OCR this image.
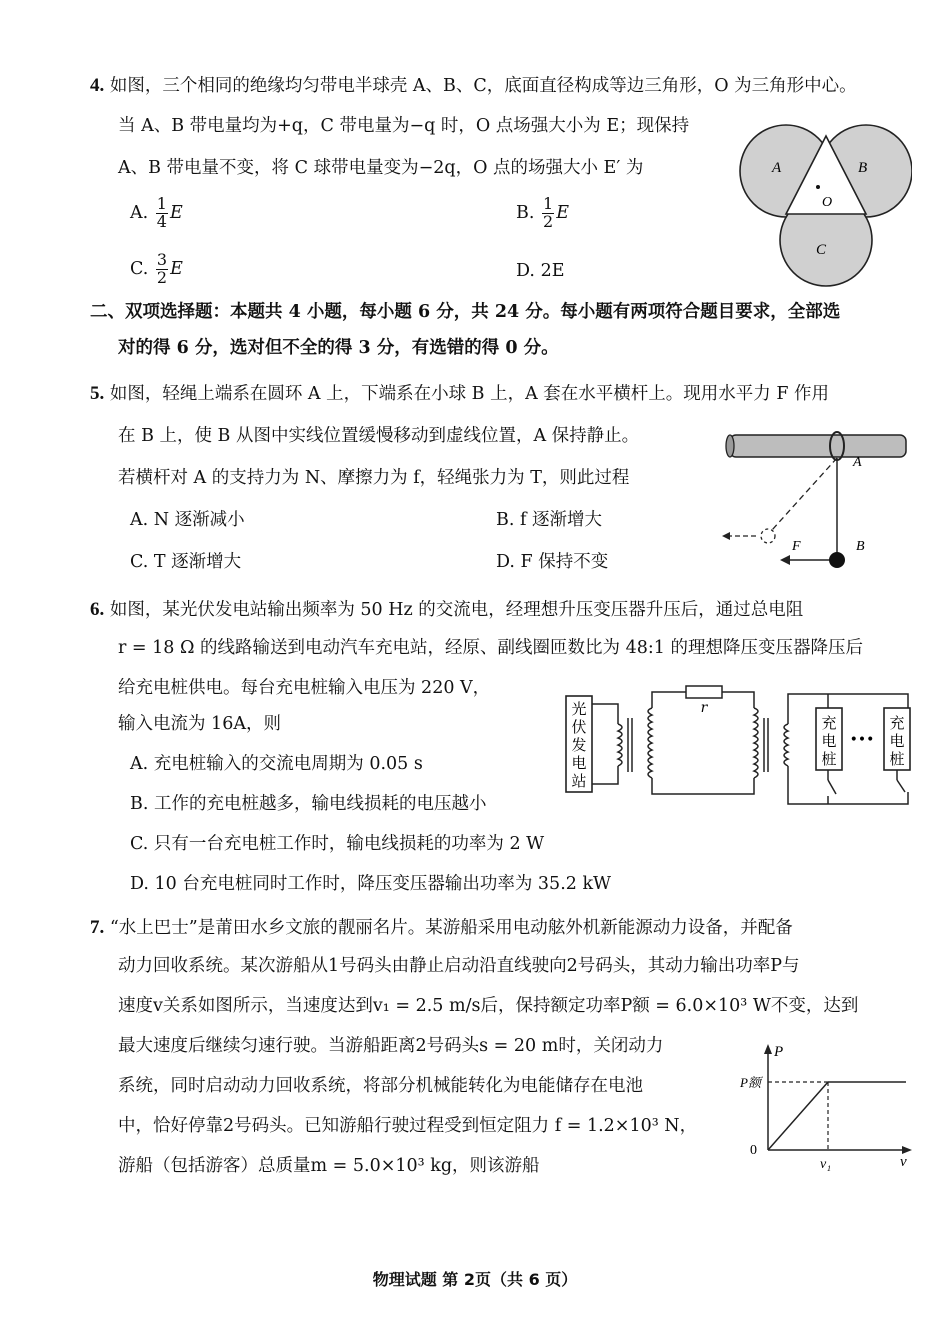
4. 如图，三个相同的绝缘均匀带电半球壳 A、B、C，底面直径构成等边三角形，O 为三角形中心。
当 A、B 带电量均为+q，C 带电量为−q 时，O 点场强大小为 E；现保持
A、B 带电量不变，将 C 球带电量变为−2q，O 点的场强大小 E′ 为
A. $\frac{1}{4}$ E	B. $\frac{1}{2}$ E
C. $\frac{3}{2}$ E	D. 2E
A	B
O
C
二、双项选择题：本题共 4 小题，每小题 6 分，共 24 分。每小题有两项符合题目要求，全部选
对的得 6 分，选对但不全的得 3 分，有选错的得 0 分。
5. 如图，轻绳上端系在圆环 A 上，下端系在小球 B 上，A 套在水平横杆上。现用水平力 F 作用
在 B 上，使 B 从图中实线位置缓慢移动到虚线位置，A 保持静止。
若横杆对 A 的支持力为 N、摩擦力为 f，轻绳张力为 T，则此过程
A. N 逐渐减小	B. f 逐渐增大
C. T 逐渐增大	D. F 保持不变
A
F	B
6. 如图，某光伏发电站输出频率为 50 Hz 的交流电，经理想升压变压器升压后，通过总电阻
r = 18 Ω 的线路输送到电动汽车充电站，经原、副线圈匝数比为 48:1 的理想降压变压器降压后
给充电桩供电。每台充电桩输入电压为 220 V，
输入电流为 16A，则
A. 充电桩输入的交流电周期为 0.05 s
B. 工作的充电桩越多，输电线损耗的电压越小
C. 只有一台充电桩工作时，输电线损耗的功率为 2 W
D. 10 台充电桩同时工作时，降压变压器输出功率为 35.2 kW
光
伏
发
电
站
r
充
电
桩
•••
充
电
桩
7. “水上巴士”是莆田水乡文旅的靓丽名片。某游船采用电动舷外机新能源动力设备，并配备
动力回收系统。某次游船从1号码头由静止启动沿直线驶向2号码头，其动力输出功率P与
速度v关系如图所示，当速度达到v₁ = 2.5 m/s后，保持额定功率P额 = 6.0×10³ W不变，达到
最大速度后继续匀速行驶。当游船距离2号码头s = 20 m时，关闭动力
系统，同时启动动力回收系统，将部分机械能转化为电能储存在电池
中，恰好停靠2号码头。已知游船行驶过程受到恒定阻力 f = 1.2×10³ N，
游船（包括游客）总质量m = 5.0×10³ kg，则该游船
P
v
0
P额
v₁
物理试题 第 2页（共 6 页）
